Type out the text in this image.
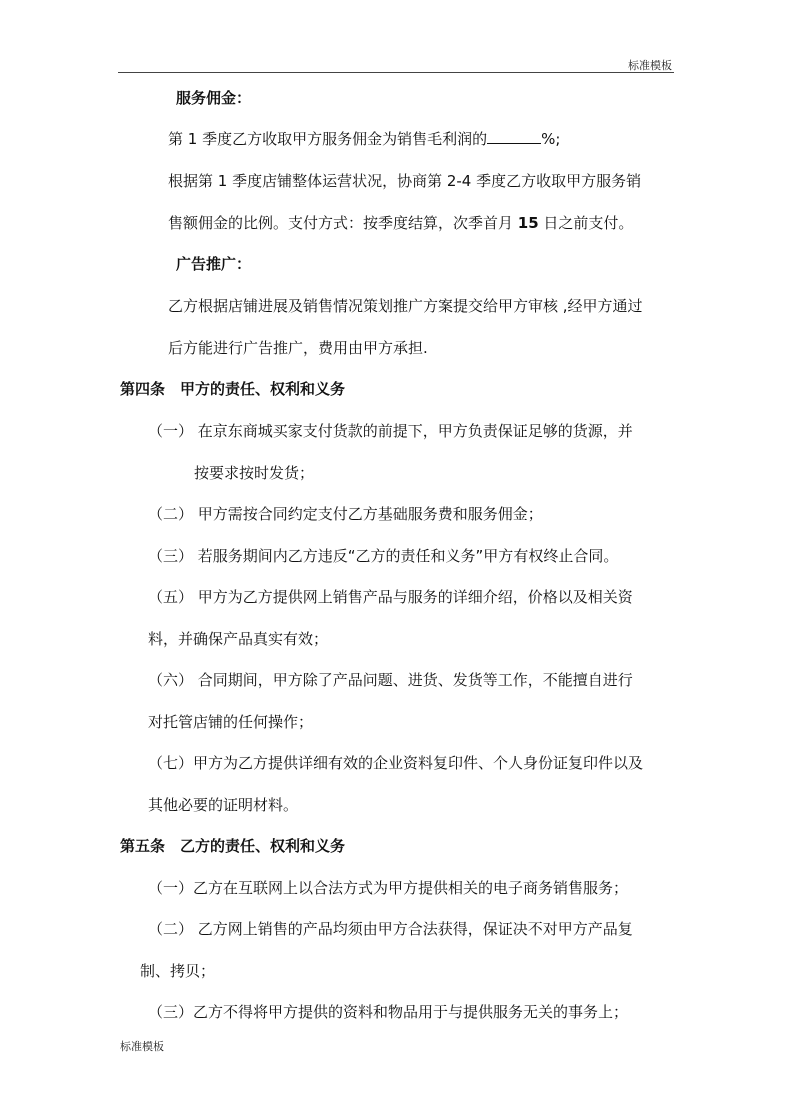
标准模板
服务佣金：
第 1 季度乙方收取甲方服务佣金为销售毛利润的	%;
根据第 1 季度店铺整体运营状况，协商第 2-4 季度乙方收取甲方服务销
售额佣金的比例。支付方式：按季度结算，次季首月 15 日之前支付。
广告推广：
乙方根据店铺进展及销售情况策划推广方案提交给甲方审核 ,经甲方通过
后方能进行广告推广，费用由甲方承担.
第四条　甲方的责任、权利和义务
（一） 在京东商城买家支付货款的前提下，甲方负责保证足够的货源，并
按要求按时发货；
（二） 甲方需按合同约定支付乙方基础服务费和服务佣金；
（三） 若服务期间内乙方违反“乙方的责任和义务”甲方有权终止合同。
（五） 甲方为乙方提供网上销售产品与服务的详细介绍，价格以及相关资
料，并确保产品真实有效；
（六） 合同期间，甲方除了产品问题、进货、发货等工作，不能擅自进行
对托管店铺的任何操作；
（七）甲方为乙方提供详细有效的企业资料复印件、个人身份证复印件以及
其他必要的证明材料。
第五条　乙方的责任、权利和义务
（一）乙方在互联网上以合法方式为甲方提供相关的电子商务销售服务；
（二） 乙方网上销售的产品均须由甲方合法获得，保证决不对甲方产品复
制、拷贝；
（三）乙方不得将甲方提供的资料和物品用于与提供服务无关的事务上；
标准模板
